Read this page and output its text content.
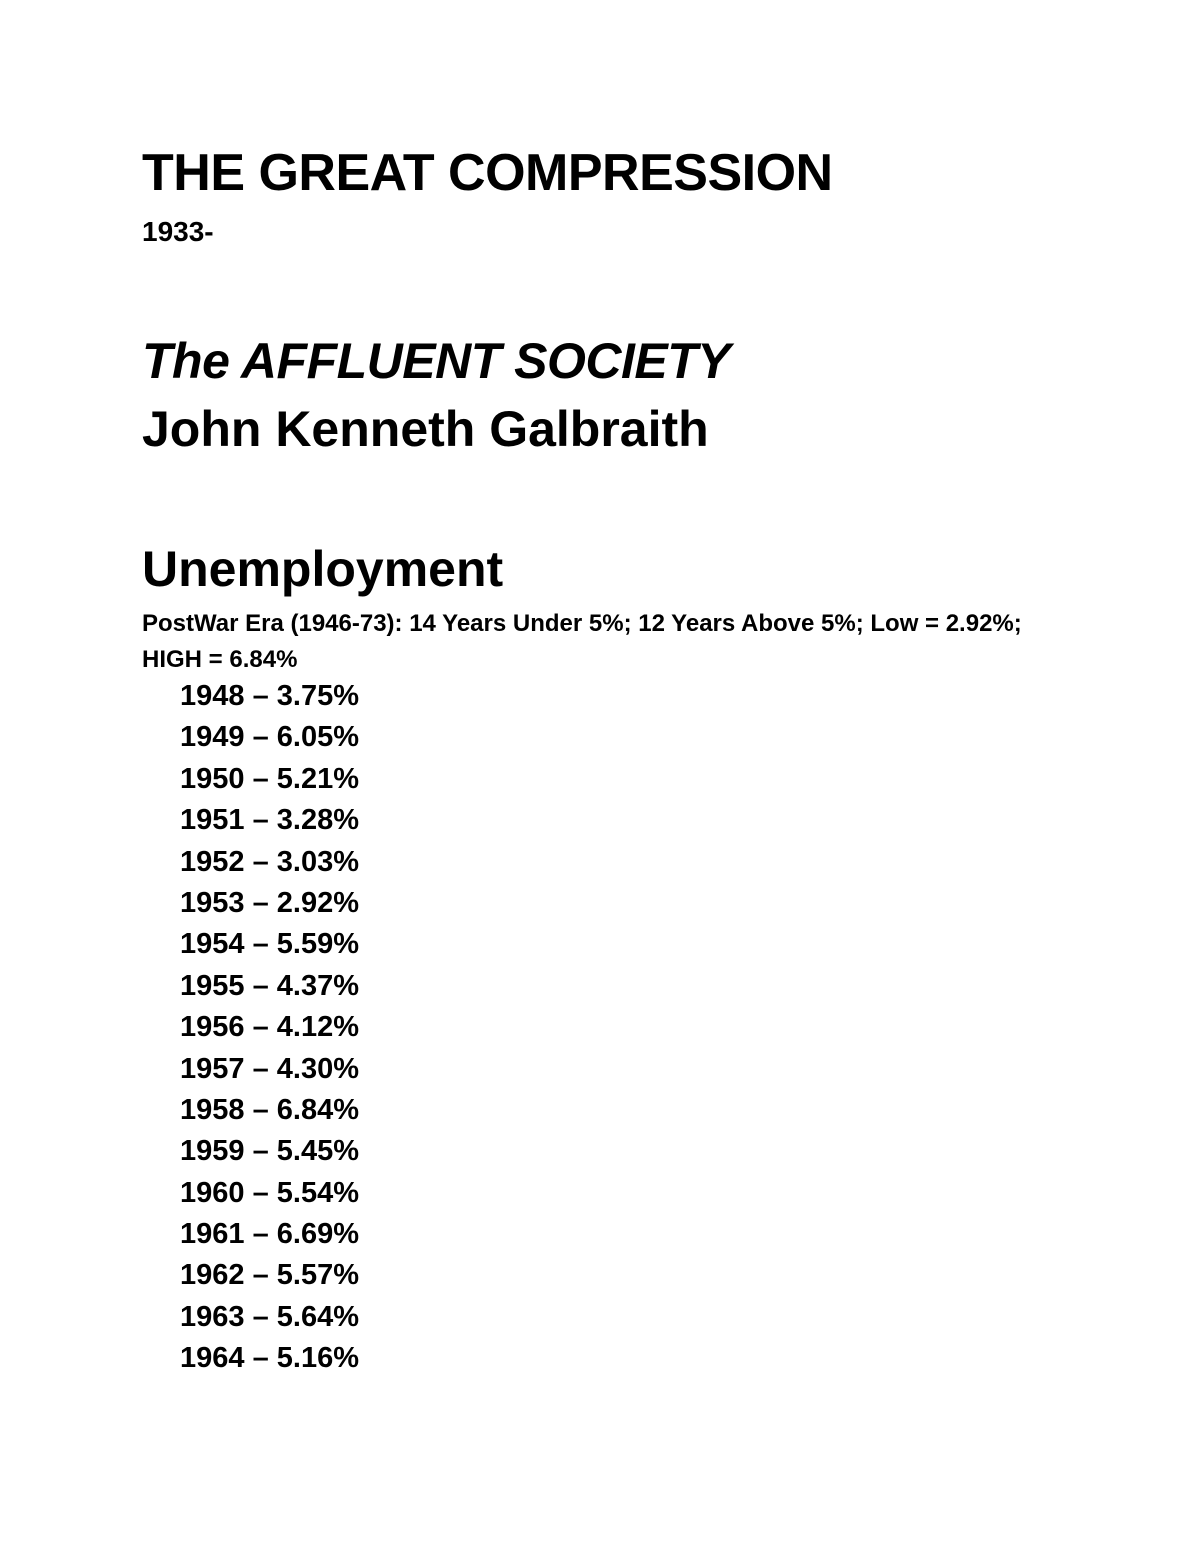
THE GREAT COMPRESSION
1933-
The AFFLUENT SOCIETY
John Kenneth Galbraith
Unemployment

PostWar Era (1946-73): 14 Years Under 5%; 12 Years Above 5%; Low = 2.92%; HIGH = 6.84%

1948 – 3.75%
1949 – 6.05%
1950 – 5.21%
1951 – 3.28%
1952 – 3.03%
1953 – 2.92%
1954 – 5.59%
1955 – 4.37%
1956 – 4.12%
1957 – 4.30%
1958 – 6.84%
1959 – 5.45%
1960 – 5.54%
1961 – 6.69%
1962 – 5.57%
1963 – 5.64%
1964 – 5.16%
